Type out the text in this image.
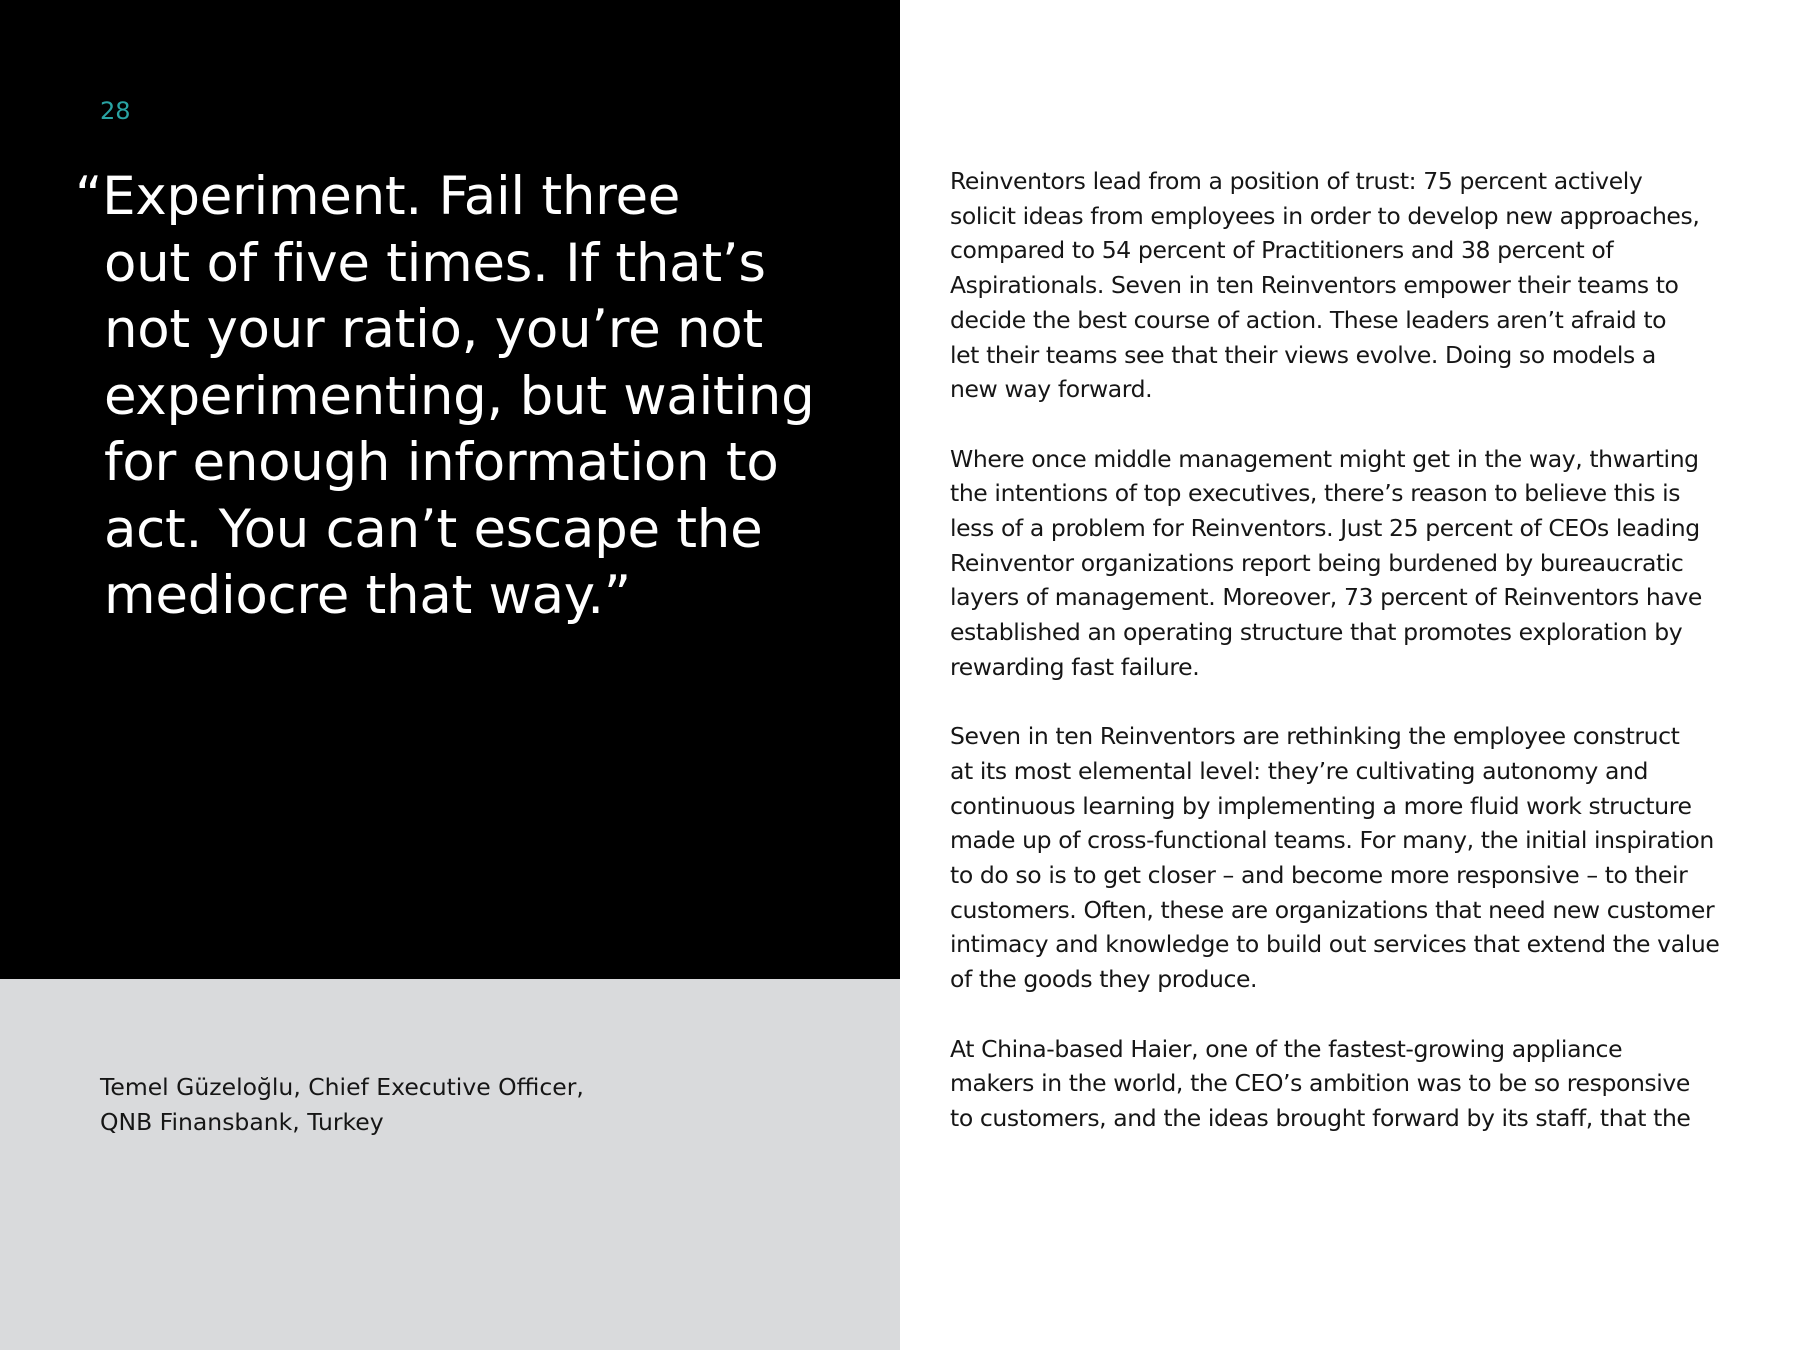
28
“Experiment. Fail three
out of five times. If that’s
not your ratio, you’re not
experimenting, but waiting
for enough information to
act. You can’t escape the
mediocre that way.”
Temel Güzeloğlu, Chief Executive Officer,
QNB Finansbank, Turkey

Reinventors lead from a position of trust: 75 percent actively
solicit ideas from employees in order to develop new approaches,
compared to 54 percent of Practitioners and 38 percent of
Aspirationals. Seven in ten Reinventors empower their teams to
decide the best course of action. These leaders aren’t afraid to
let their teams see that their views evolve. Doing so models a
new way forward.

Where once middle management might get in the way, thwarting
the intentions of top executives, there’s reason to believe this is
less of a problem for Reinventors. Just 25 percent of CEOs leading
Reinventor organizations report being burdened by bureaucratic
layers of management. Moreover, 73 percent of Reinventors have
established an operating structure that promotes exploration by
rewarding fast failure.

Seven in ten Reinventors are rethinking the employee construct
at its most elemental level: they’re cultivating autonomy and
continuous learning by implementing a more fluid work structure
made up of cross-functional teams. For many, the initial inspiration
to do so is to get closer – and become more responsive – to their
customers. Often, these are organizations that need new customer
intimacy and knowledge to build out services that extend the value
of the goods they produce.

At China-based Haier, one of the fastest-growing appliance
makers in the world, the CEO’s ambition was to be so responsive
to customers, and the ideas brought forward by its staff, that the
